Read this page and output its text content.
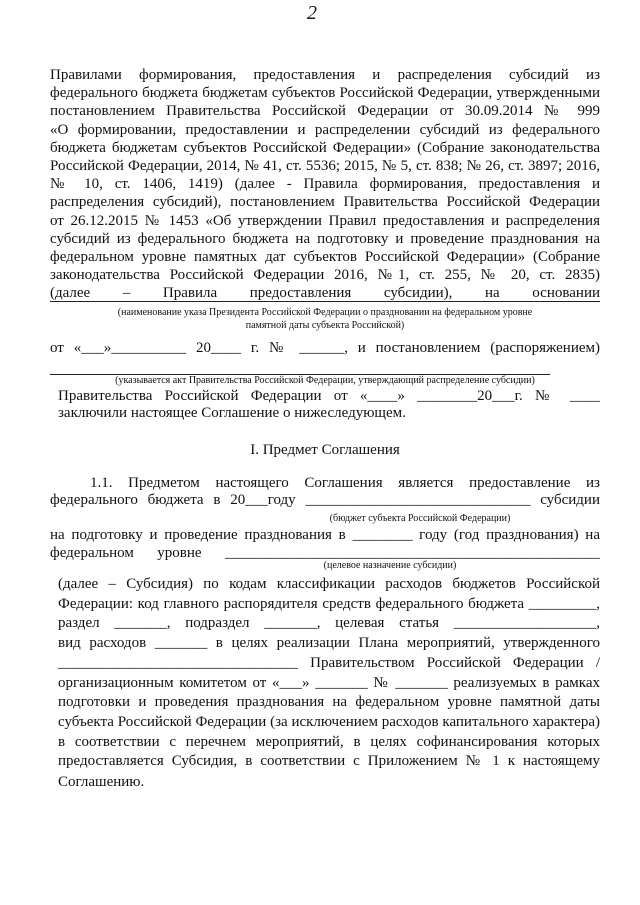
2
Правилами формирования, предоставления и распределения субсидий из
федерального бюджета бюджетам субъектов Российской Федерации, утвержденными
постановлением Правительства Российской Федерации от 30.09.2014 № 999
«О формировании, предоставлении и распределении субсидий из федерального
бюджета бюджетам субъектов Российской Федерации» (Собрание законодательства
Российской Федерации, 2014, № 41, ст. 5536; 2015, № 5, ст. 838; № 26, ст. 3897; 2016,
№ 10, ст. 1406, 1419) (далее - Правила формирования, предоставления и
распределения субсидий), постановлением Правительства Российской Федерации
от 26.12.2015 № 1453 «Об утверждении Правил предоставления и распределения
субсидий из федерального бюджета на подготовку и проведение празднования на
федеральном уровне памятных дат субъектов Российской Федерации» (Собрание
законодательства Российской Федерации 2016, №1, ст. 255, № 20, ст. 2835)
(далее – Правила предоставления субсидии), на основании
(наименование указа Президента Российской Федерации о праздновании на федеральном уровне
памятной даты субъекта Российской)
от «___»__________ 20____ г. № ______, и постановлением (распоряжением)
(указывается акт Правительства Российской Федерации, утверждающий распределение субсидии)
Правительства Российской Федерации от «____» ________20___г. № ____
заключили настоящее Соглашение о нижеследующем.
I. Предмет Соглашения
1.1. Предметом настоящего Соглашения является предоставление из
федерального бюджета в 20___году ______________________________ субсидии
(бюджет субъекта Российской Федерации)
на подготовку и проведение празднования в ________ году (год празднования) на
федеральном уровне __________________________________________________
(целевое назначение субсидии)
(далее – Субсидия) по кодам классификации расходов бюджетов Российской
Федерации: код главного распорядителя средств федерального бюджета _________,
раздел _______, подраздел _______, целевая статья ___________________,
вид расходов _______ в целях реализации Плана мероприятий, утвержденного
________________________________ Правительством Российской Федерации /
организационным комитетом от «___» _______ № _______ реализуемых в рамках
подготовки и проведения празднования на федеральном уровне памятной даты
субъекта Российской Федерации (за исключением расходов капитального характера)
в соответствии с перечнем мероприятий, в целях софинансирования которых
предоставляется Субсидия, в соответствии с Приложением № 1 к настоящему
Соглашению.
